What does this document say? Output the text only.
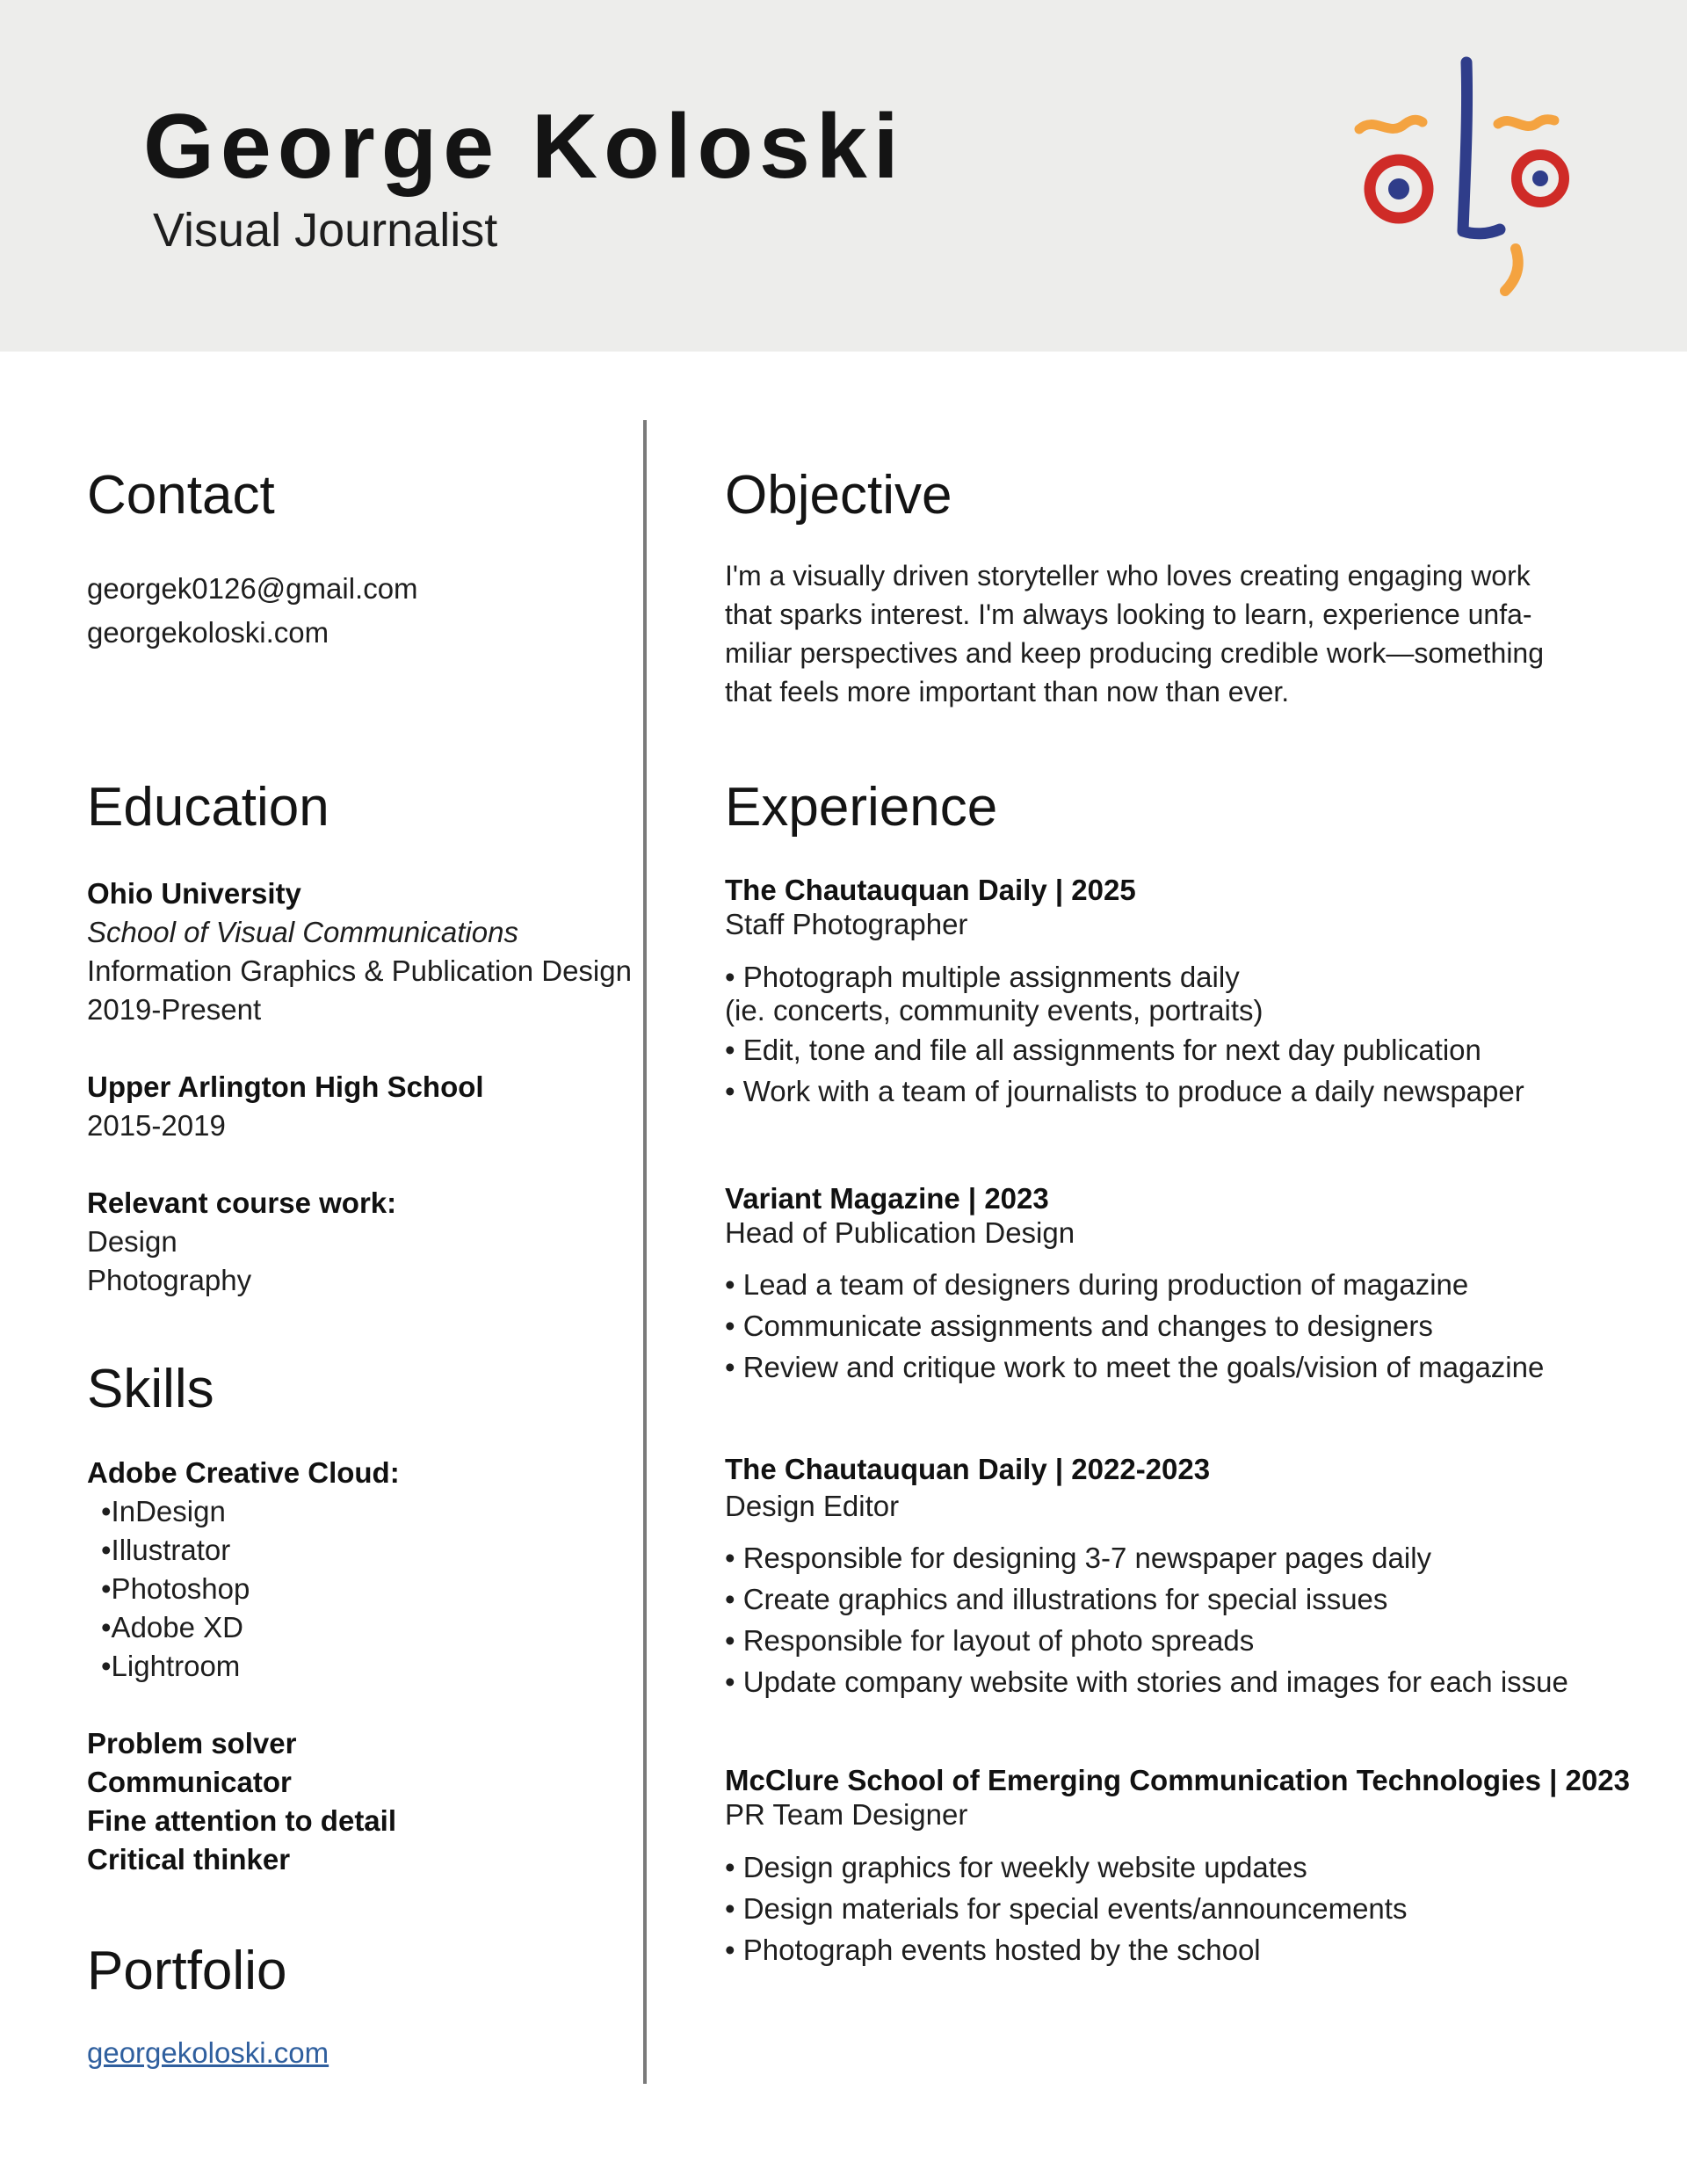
George Koloski
Visual Journalist
Contact
georgek0126@gmail.com
georgekoloski.com
Education
Ohio University
School of Visual Communications
Information Graphics & Publication Design
2019-Present
Upper Arlington High School
2015-2019
Relevant course work:
Design
Photography
Skills
Adobe Creative Cloud:
•InDesign
•Illustrator
•Photoshop
•Adobe XD
•Lightroom
Problem solver
Communicator
Fine attention to detail
Critical thinker
Portfolio
georgekoloski.com
Objective
I'm a visually driven storyteller who loves creating engaging work
that sparks interest. I'm always looking to learn, experience unfa-
miliar perspectives and keep producing credible work—something
that feels more important than now than ever.
Experience
The Chautauquan Daily | 2025
Staff Photographer
• Photograph multiple assignments daily
(ie. concerts, community events, portraits)
• Edit, tone and file all assignments for next day publication
• Work with a team of journalists to produce a daily newspaper
Variant Magazine | 2023
Head of Publication Design
• Lead a team of designers during production of magazine
• Communicate assignments and changes to designers
• Review and critique work to meet the goals/vision of magazine
The Chautauquan Daily | 2022-2023
Design Editor
• Responsible for designing 3-7 newspaper pages daily
• Create graphics and illustrations for special issues
• Responsible for layout of photo spreads
• Update company website with stories and images for each issue
McClure School of Emerging Communication Technologies | 2023
PR Team Designer
• Design graphics for weekly website updates
• Design materials for special events/announcements
• Photograph events hosted by the school
